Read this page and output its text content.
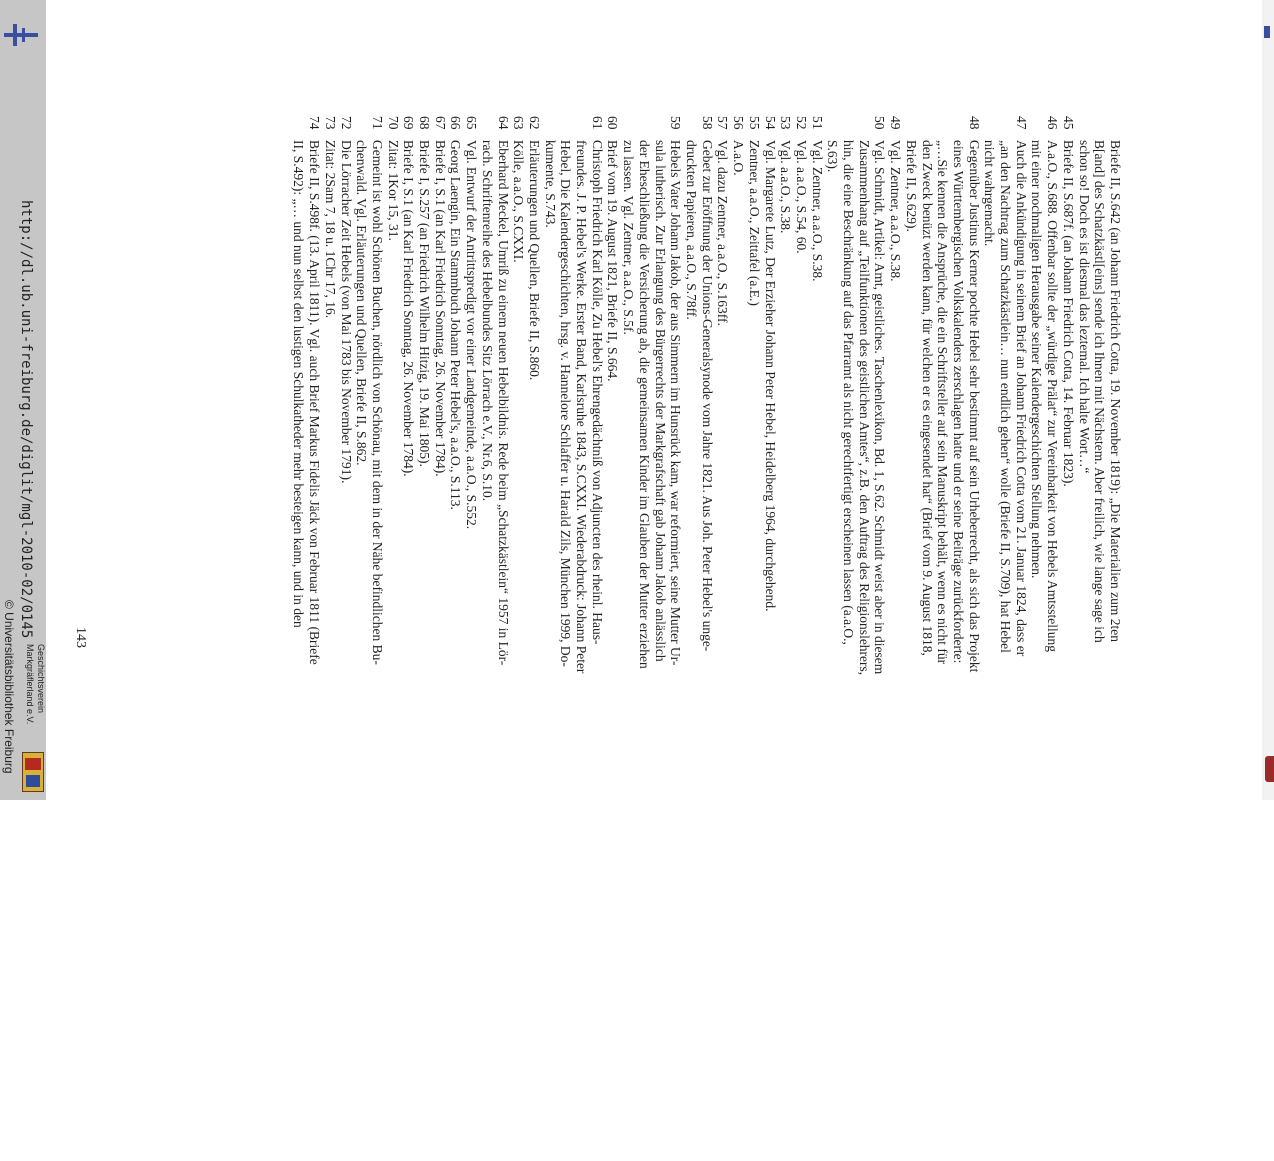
http://dl.ub.uni-freiburg.de/diglit/mgl-2010-02/0145
© Universitätsbibliothek Freiburg Geschichtsverein
Markgräflerland e.V.
Briefe II, S.642 (an Johann Friedrich Cotta, 19. November 1819): „Die Materialien zum 2ten
B[and] des Schatzkästl[eins] sende ich Ihnen mit Nächstem. Aber freilich, wie lange sage ich
schon so! Doch es ist diesmal das leztemal. Ich halte Wort…“
45
Briefe II, S.687f. (an Johann Friedrich Cotta, 14. Februar 1823).
46
A.a.O., S.688. Offenbar sollte der „würdige Prälat“ zur Vereinbarkeit von Hebels Amtsstellung
mit einer nochmaligen Herausgabe seiner Kalendergeschichten Stellung nehmen.
47
Auch die Ankündigung in seinem Brief an Johann Friedrich Cotta vom 21. Januar 1824, dass er
„an den Nachtrag zum Schatzkästlein… nun endlich gehen“ wolle (Briefe II, S.709), hat Hebel
nicht wahrgemacht.
48
Gegenüber Justinus Kerner pochte Hebel sehr bestimmt auf sein Urheberrecht, als sich das Projekt
eines Württembergischen Volkskalenders zerschlagen hatte und er seine Beiträge zurückforderte:
„…Sie kennen die Ansprüche, die ein Schriftsteller auf sein Manuskript behält, wenn es nicht für
den Zweck benüzt werden kann, für welchen er es eingesendet hat“ (Brief vom 9. August 1818,
Briefe II, S.629).
49
Vgl. Zentner, a.a.O., S.38.
50
Vgl. Schmidt, Artikel: Amt, geistliches. Taschenlexikon, Bd. 1, S.62. Schmidt weist aber in diesem
Zusammenhang auf „Teilfunktionen des geistlichen Amtes“, z.B. den Auftrag des Religionslehrers,
hin, die eine Beschränkung auf das Pfarramt als nicht gerechtfertigt erscheinen lassen (a.a.O.,
S.63).
51
Vgl. Zentner, a.a.O., S.38.
52
Vgl. a.a.O., S.54, 60.
53
Vgl. a.a.O., S.38.
54
Vgl. Margarete Lutz, Der Erzieher Johann Peter Hebel, Heidelberg 1964, durchgehend.
55
Zentner, a.a.O., Zeittafel (a.E.)
56
A.a.O.
57
Vgl. dazu Zentner, a.a.O., S.163ff.
58
Gebet zur Eröffnung der Unions-Generalsynode vom Jahre 1821. Aus Joh. Peter Hebel's unge-
druckten Papieren, a.a.O., S.78ff.
59
Hebels Vater Johann Jakob, der aus Simmern im Hunsrück kam, war reformiert, seine Mutter Ur-
sula lutherisch. Zur Erlangung des Bürgerrechts der Markgrafschaft gab Johann Jakob anlässlich
der Eheschließung die Versicherung ab, die gemeinsamen Kinder im Glauben der Mutter erziehen
zu lassen. Vgl. Zentner, a.a.O., S.5f.
60
Brief vom 19. August 1821, Briefe II, S.664.
61
Christoph Friedrich Karl Kölle, Zu Hebel's Ehrengedächtniß von Adjuncten des rheinl. Haus-
freundes. J. P. Hebel's Werke. Erster Band, Karlsruhe 1843, S.CXXI. Wiederabdruck: Johann Peter
Hebel, Die Kalendergeschichten, hrsg. v. Hannelore Schlaffer u. Harald Zils, München 1999, Do-
kumente, S.743.
62
Erläuterungen und Quellen, Briefe II, S.860.
63
Kölle, a.a.O., S.CXXI.
64
Eberhard Meckel, Umriß zu einem neuen Hebelbildnis. Rede beim „Schatzkästlein“ 1957 in Lör-
rach. Schriftenreihe des Hebelbundes Sitz Lörrach e.V., Nr.6, S.10.
65
Vgl. Entwurf der Antrittspredigt vor einer Landgemeinde, a.a.O., S.552.
66
Georg Laengin, Ein Stammbuch Johann Peter Hebel's, a.a.O., S.113.
67
Briefe I, S.1 (an Karl Friedrich Sonntag, 26. November 1784).
68
Briefe I, S.257 (an Friedrich Wilhelm Hitzig, 19. Mai 1805).
69
Briefe I, S.1 (an Karl Friedrich Sonntag, 26. November 1784).
70
Zitat: 1Kor 15, 31.
71
Gemeint ist wohl Schönen Buchen, nördlich von Schönau, mit dem in der Nähe befindlichen Bu-
chenwald. Vgl. Erläuterungen und Quellen, Briefe II, S.862.
72
Die Lörracher Zeit Hebels (von Mai 1783 bis November 1791).
73
Zitat: 2Sam 7, 18 u. 1Chr 17, 16.
74
Briefe II, S.498f. (13. April 1811). Vgl. auch Brief Markus Fidelis Jäck von Februar 1811 (Briefe
II, S.492): „… und nun selbst den lustigen Schulkatheder mehr besteigen kann, und in den
143
